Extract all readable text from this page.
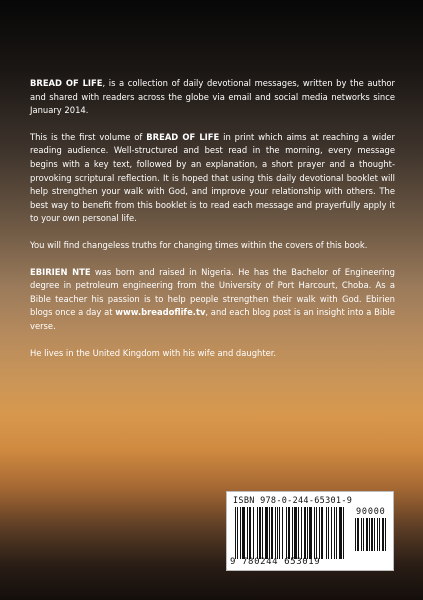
BREAD OF LIFE, is a collection of daily devotional messages, written by the author and shared with readers across the globe via email and social media networks since January 2014.

This is the first volume of BREAD OF LIFE in print which aims at reaching a wider reading audience. Well-structured and best read in the morning, every message begins with a key text, followed by an explanation, a short prayer and a thought-provoking scriptural reflection. It is hoped that using this daily devotional booklet will help strengthen your walk with God, and improve your relationship with others. The best way to benefit from this booklet is to read each message and prayerfully apply it to your own personal life.

You will find changeless truths for changing times within the covers of this book.

EBIRIEN NTE was born and raised in Nigeria. He has the Bachelor of Engineering degree in petroleum engineering from the University of Port Harcourt, Choba. As a Bible teacher his passion is to help people strengthen their walk with God. Ebirien blogs once a day at www.breadoflife.tv, and each blog post is an insight into a Bible verse.

He lives in the United Kingdom with his wife and daughter.

ISBN 978-0-244-65301-9
90000
9 780244 653019
